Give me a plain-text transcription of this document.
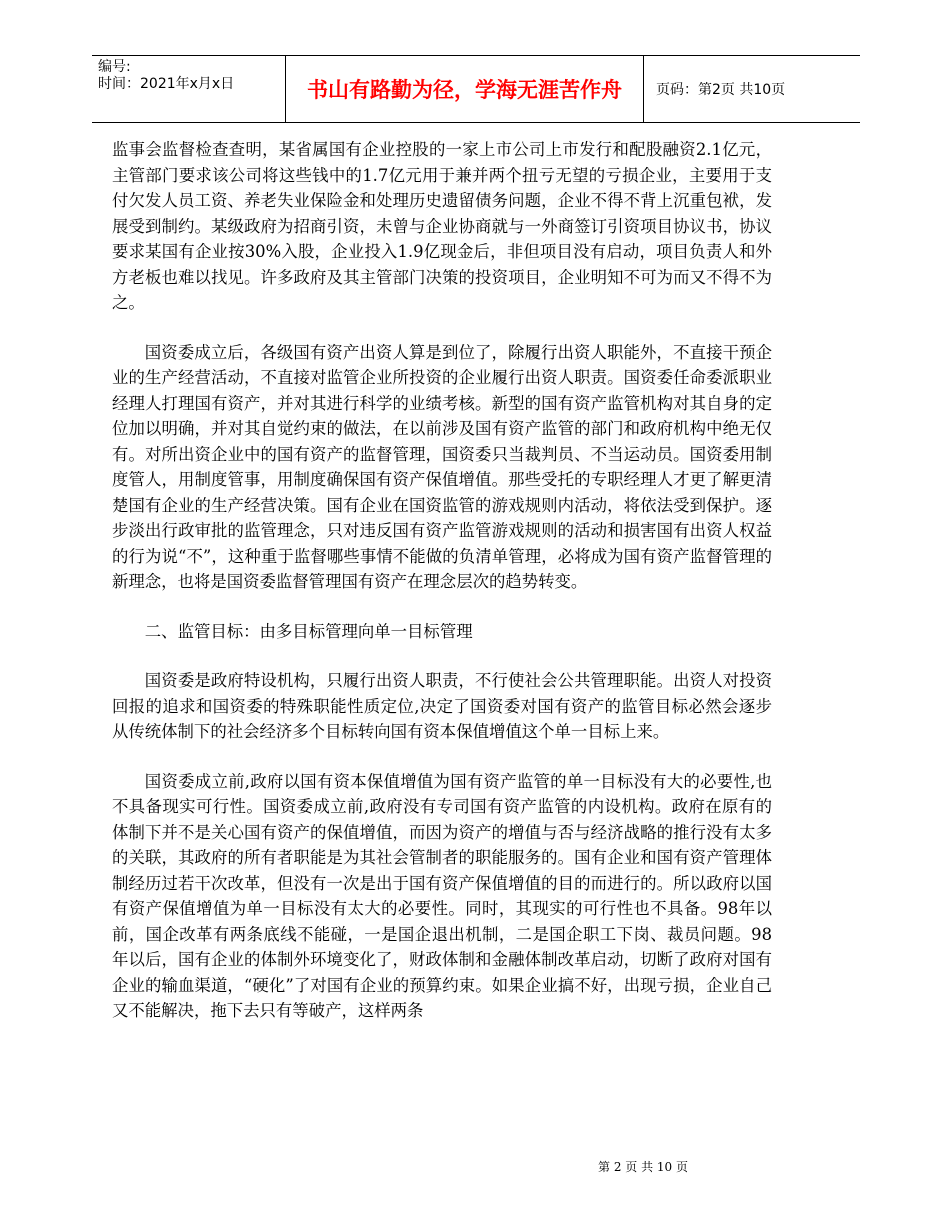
编号:
时间：2021年x月x日	书山有路勤为径，学海无涯苦作舟	页码：第2页 共10页

监事会监督检查查明，某省属国有企业控股的一家上市公司上市发行和配股融资2.1亿元，主管部门要求该公司将这些钱中的1.7亿元用于兼并两个扭亏无望的亏损企业，主要用于支付欠发人员工资、养老失业保险金和处理历史遗留债务问题，企业不得不背上沉重包袱，发展受到制约。某级政府为招商引资，未曾与企业协商就与一外商签订引资项目协议书，协议要求某国有企业按30%入股，企业投入1.9亿现金后，非但项目没有启动，项目负责人和外方老板也难以找见。许多政府及其主管部门决策的投资项目，企业明知不可为而又不得不为之。

国资委成立后，各级国有资产出资人算是到位了，除履行出资人职能外，不直接干预企业的生产经营活动，不直接对监管企业所投资的企业履行出资人职责。国资委任命委派职业经理人打理国有资产，并对其进行科学的业绩考核。新型的国有资产监管机构对其自身的定位加以明确，并对其自觉约束的做法，在以前涉及国有资产监管的部门和政府机构中绝无仅有。对所出资企业中的国有资产的监督管理，国资委只当裁判员、不当运动员。国资委用制度管人，用制度管事，用制度确保国有资产保值增值。那些受托的专职经理人才更了解更清楚国有企业的生产经营决策。国有企业在国资监管的游戏规则内活动，将依法受到保护。逐步淡出行政审批的监管理念，只对违反国有资产监管游戏规则的活动和损害国有出资人权益的行为说“不”，这种重于监督哪些事情不能做的负清单管理，必将成为国有资产监督管理的新理念，也将是国资委监督管理国有资产在理念层次的趋势转变。

二、监管目标：由多目标管理向单一目标管理

国资委是政府特设机构，只履行出资人职责，不行使社会公共管理职能。出资人对投资回报的追求和国资委的特殊职能性质定位,决定了国资委对国有资产的监管目标必然会逐步从传统体制下的社会经济多个目标转向国有资本保值增值这个单一目标上来。

国资委成立前,政府以国有资本保值增值为国有资产监管的单一目标没有大的必要性,也不具备现实可行性。国资委成立前,政府没有专司国有资产监管的内设机构。政府在原有的体制下并不是关心国有资产的保值增值，而因为资产的增值与否与经济战略的推行没有太多的关联，其政府的所有者职能是为其社会管制者的职能服务的。国有企业和国有资产管理体制经历过若干次改革，但没有一次是出于国有资产保值增值的目的而进行的。所以政府以国有资产保值增值为单一目标没有太大的必要性。同时，其现实的可行性也不具备。98年以前，国企改革有两条底线不能碰，一是国企退出机制，二是国企职工下岗、裁员问题。98年以后，国有企业的体制外环境变化了，财政体制和金融体制改革启动，切断了政府对国有企业的输血渠道，“硬化”了对国有企业的预算约束。如果企业搞不好，出现亏损，企业自己又不能解决，拖下去只有等破产，这样两条

第 2 页 共 10 页
